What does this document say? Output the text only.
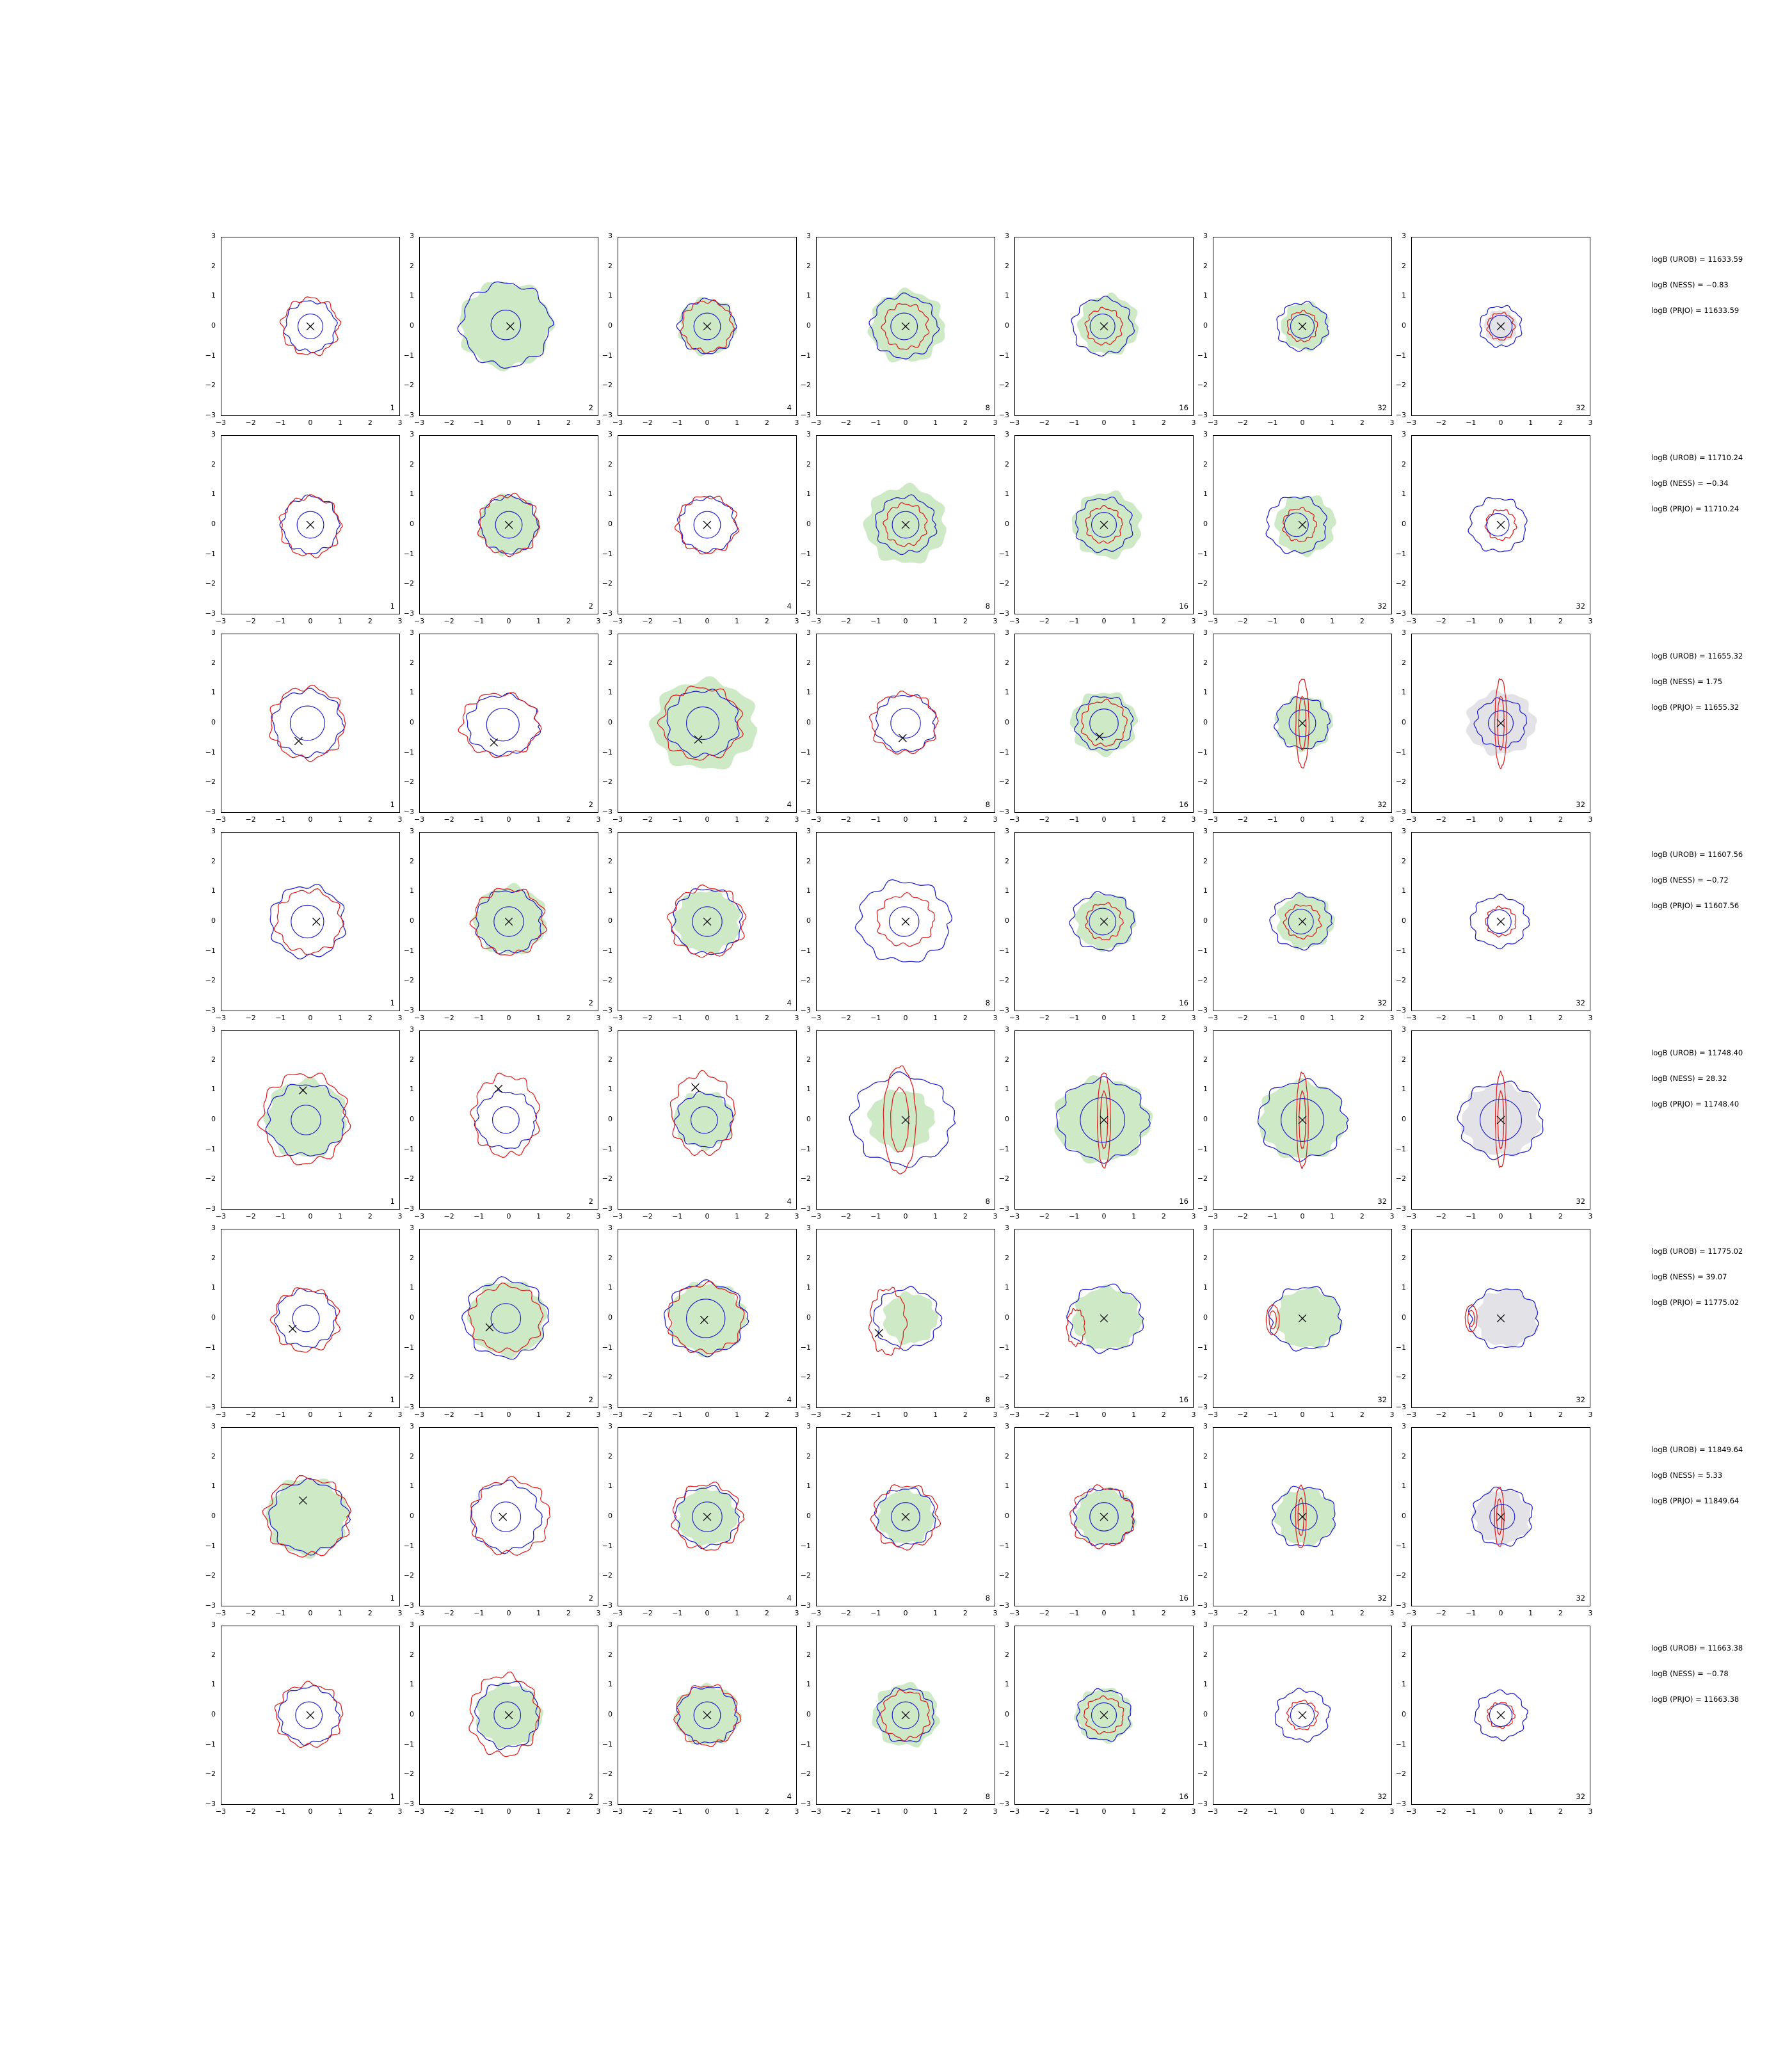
1
−3	−2	−1	0	1	2	3
3
2
1
0
−1
−2
−3
2
−3	−2	−1	0	1	2	3
3
2
1
0
−1
−2
−3
4
−3	−2	−1	0	1	2	3
3
2
1
0
−1
−2
−3
8
−3	−2	−1	0	1	2	3
3
2
1
0
−1
−2
−3
16
−3	−2	−1	0	1	2	3
3
2
1
0
−1
−2
−3
32
−3	−2	−1	0	1	2	3
3
2
1
0
−1
−2
−3
32
−3	−2	−1	0	1	2	3
3
2
1
0
−1
−2
−3
1
−3	−2	−1	0	1	2	3
3
2
1
0
−1
−2
−3
2
−3	−2	−1	0	1	2	3
3
2
1
0
−1
−2
−3
4
−3	−2	−1	0	1	2	3
3
2
1
0
−1
−2
−3
8
−3	−2	−1	0	1	2	3
3
2
1
0
−1
−2
−3
16
−3	−2	−1	0	1	2	3
3
2
1
0
−1
−2
−3
32
−3	−2	−1	0	1	2	3
3
2
1
0
−1
−2
−3
32
−3	−2	−1	0	1	2	3
3
2
1
0
−1
−2
−3
1
−3	−2	−1	0	1	2	3
3
2
1
0
−1
−2
−3
2
−3	−2	−1	0	1	2	3
3
2
1
0
−1
−2
−3
4
−3	−2	−1	0	1	2	3
3
2
1
0
−1
−2
−3
8
−3	−2	−1	0	1	2	3
3
2
1
0
−1
−2
−3
16
−3	−2	−1	0	1	2	3
3
2
1
0
−1
−2
−3
32
−3	−2	−1	0	1	2	3
3
2
1
0
−1
−2
−3
32
−3	−2	−1	0	1	2	3
3
2
1
0
−1
−2
−3
1
−3	−2	−1	0	1	2	3
3
2
1
0
−1
−2
−3
2
−3	−2	−1	0	1	2	3
3
2
1
0
−1
−2
−3
4
−3	−2	−1	0	1	2	3
3
2
1
0
−1
−2
−3
8
−3	−2	−1	0	1	2	3
3
2
1
0
−1
−2
−3
16
−3	−2	−1	0	1	2	3
3
2
1
0
−1
−2
−3
32
−3	−2	−1	0	1	2	3
3
2
1
0
−1
−2
−3
32
−3	−2	−1	0	1	2	3
3
2
1
0
−1
−2
−3
1
−3	−2	−1	0	1	2	3
3
2
1
0
−1
−2
−3
2
−3	−2	−1	0	1	2	3
3
2
1
0
−1
−2
−3
4
−3	−2	−1	0	1	2	3
3
2
1
0
−1
−2
−3
8
−3	−2	−1	0	1	2	3
3
2
1
0
−1
−2
−3
16
−3	−2	−1	0	1	2	3
3
2
1
0
−1
−2
−3
32
−3	−2	−1	0	1	2	3
3
2
1
0
−1
−2
−3
32
−3	−2	−1	0	1	2	3
3
2
1
0
−1
−2
−3
1
−3	−2	−1	0	1	2	3
3
2
1
0
−1
−2
−3
2
−3	−2	−1	0	1	2	3
3
2
1
0
−1
−2
−3
4
−3	−2	−1	0	1	2	3
3
2
1
0
−1
−2
−3
8
−3	−2	−1	0	1	2	3
3
2
1
0
−1
−2
−3
16
−3	−2	−1	0	1	2	3
3
2
1
0
−1
−2
−3
32
−3	−2	−1	0	1	2	3
3
2
1
0
−1
−2
−3
32
−3	−2	−1	0	1	2	3
3
2
1
0
−1
−2
−3
1
−3	−2	−1	0	1	2	3
3
2
1
0
−1
−2
−3
2
−3	−2	−1	0	1	2	3
3
2
1
0
−1
−2
−3
4
−3	−2	−1	0	1	2	3
3
2
1
0
−1
−2
−3
8
−3	−2	−1	0	1	2	3
3
2
1
0
−1
−2
−3
16
−3	−2	−1	0	1	2	3
3
2
1
0
−1
−2
−3
32
−3	−2	−1	0	1	2	3
3
2
1
0
−1
−2
−3
32
−3	−2	−1	0	1	2	3
3
2
1
0
−1
−2
−3
1
−3	−2	−1	0	1	2	3
3
2
1
0
−1
−2
−3
2
−3	−2	−1	0	1	2	3
3
2
1
0
−1
−2
−3
4
−3	−2	−1	0	1	2	3
3
2
1
0
−1
−2
−3
8
−3	−2	−1	0	1	2	3
3
2
1
0
−1
−2
−3
16
−3	−2	−1	0	1	2	3
3
2
1
0
−1
−2
−3
32
−3	−2	−1	0	1	2	3
3
2
1
0
−1
−2
−3
32
−3	−2	−1	0	1	2	3
3
2
1
0
−1
−2
−3
logB (UROB) = 11633.59
logB (NESS) = −0.83
logB (PRJO) = 11633.59
logB (UROB) = 11710.24
logB (NESS) = −0.34
logB (PRJO) = 11710.24
logB (UROB) = 11655.32
logB (NESS) = 1.75
logB (PRJO) = 11655.32
logB (UROB) = 11607.56
logB (NESS) = −0.72
logB (PRJO) = 11607.56
logB (UROB) = 11748.40
logB (NESS) = 28.32
logB (PRJO) = 11748.40
logB (UROB) = 11775.02
logB (NESS) = 39.07
logB (PRJO) = 11775.02
logB (UROB) = 11849.64
logB (NESS) = 5.33
logB (PRJO) = 11849.64
logB (UROB) = 11663.38
logB (NESS) = −0.78
logB (PRJO) = 11663.38
